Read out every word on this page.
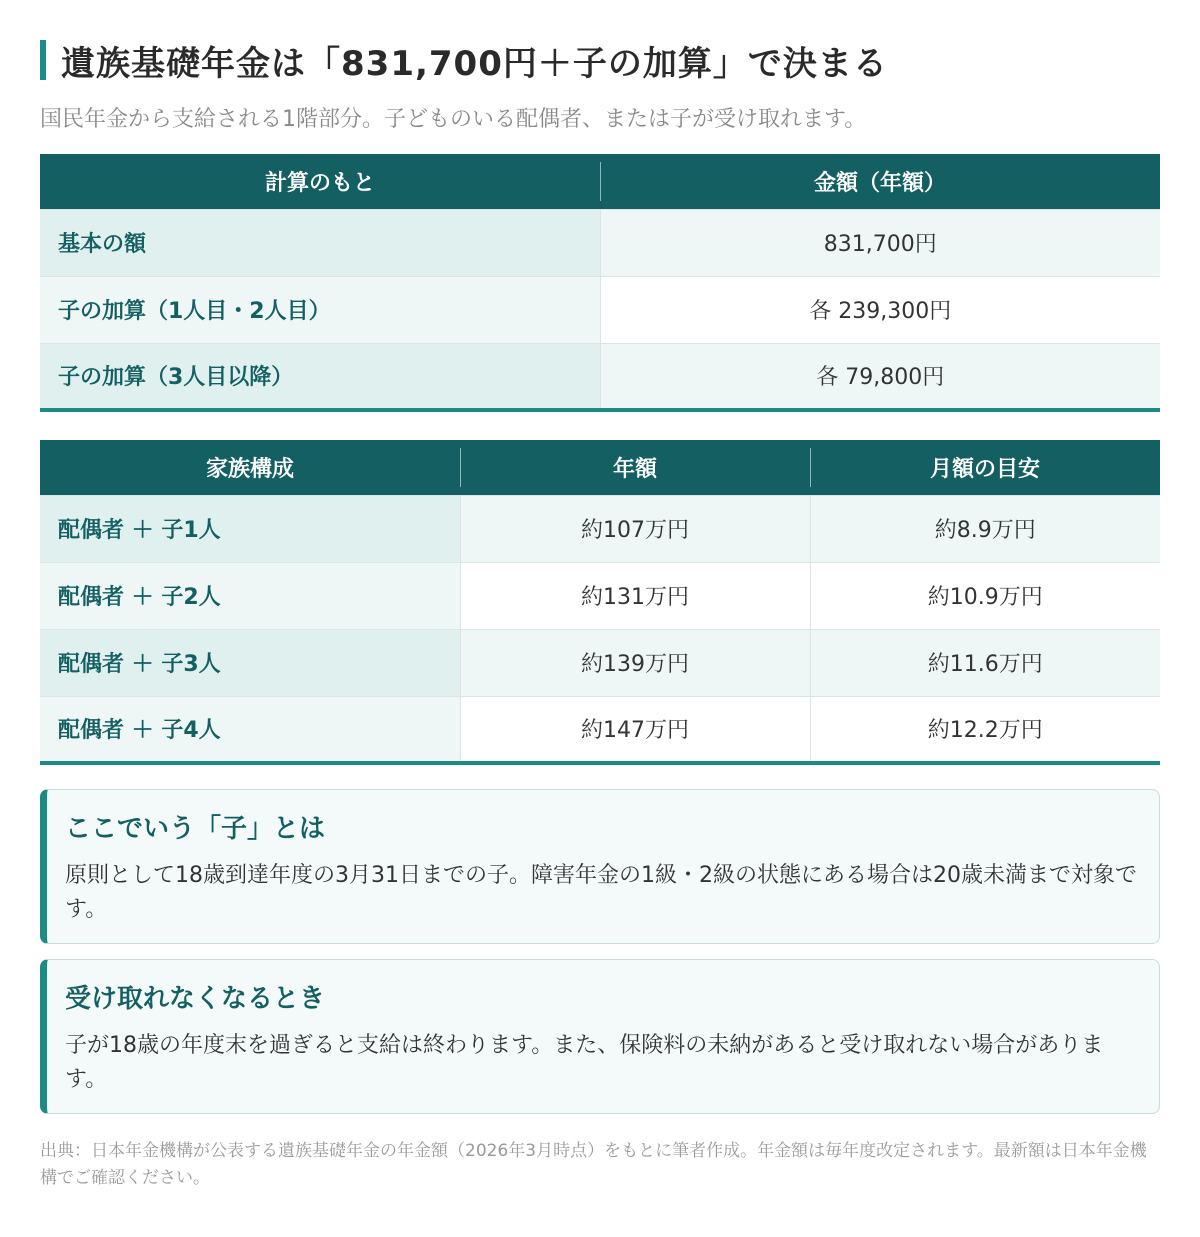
遺族基礎年金は「831,700円＋子の加算」で決まる

国民年金から支給される1階部分。子どものいる配偶者、または子が受け取れます。

計算のもと	金額（年額）
基本の額	831,700円
子の加算（1人目・2人目）	各 239,300円
子の加算（3人目以降）	各 79,800円
家族構成	年額	月額の目安
配偶者 ＋ 子1人	約107万円	約8.9万円
配偶者 ＋ 子2人	約131万円	約10.9万円
配偶者 ＋ 子3人	約139万円	約11.6万円
配偶者 ＋ 子4人	約147万円	約12.2万円
ここでいう「子」とは
原則として18歳到達年度の3月31日までの子。障害年金の1級・2級の状態にある場合は20歳未満まで対象です。
受け取れなくなるとき
子が18歳の年度末を過ぎると支給は終わります。また、保険料の未納があると受け取れない場合があります。

出典：日本年金機構が公表する遺族基礎年金の年金額（2026年3月時点）をもとに筆者作成。年金額は毎年度改定されます。最新額は日本年金機構でご確認ください。
